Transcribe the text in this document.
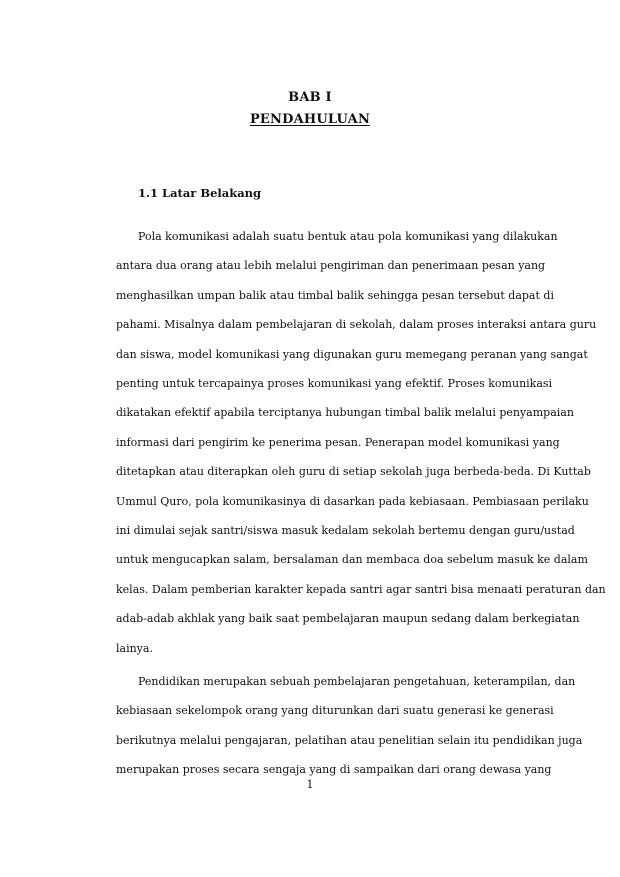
BAB I
PENDAHULUAN
1.1 Latar Belakang
Pola komunikasi adalah suatu bentuk atau pola komunikasi yang dilakukan
antara dua orang atau lebih melalui pengiriman dan penerimaan pesan yang
menghasilkan umpan balik atau timbal balik sehingga pesan tersebut dapat di
pahami. Misalnya dalam pembelajaran di sekolah, dalam proses interaksi antara guru
dan siswa, model komunikasi yang digunakan guru memegang peranan yang sangat
penting untuk tercapainya proses komunikasi yang efektif. Proses komunikasi
dikatakan efektif apabila terciptanya hubungan timbal balik melalui penyampaian
informasi dari pengirim ke penerima pesan. Penerapan model komunikasi yang
ditetapkan atau diterapkan oleh guru di setiap sekolah juga berbeda-beda. Di Kuttab
Ummul Quro, pola komunikasinya di dasarkan pada kebiasaan. Pembiasaan perilaku
ini dimulai sejak santri/siswa masuk kedalam sekolah bertemu dengan guru/ustad
untuk mengucapkan salam, bersalaman dan membaca doa sebelum masuk ke dalam
kelas. Dalam pemberian karakter kepada santri agar santri bisa menaati peraturan dan
adab-adab akhlak yang baik saat pembelajaran maupun sedang dalam berkegiatan
lainya.
Pendidikan merupakan sebuah pembelajaran pengetahuan, keterampilan, dan
kebiasaan sekelompok orang yang diturunkan dari suatu generasi ke generasi
berikutnya melalui pengajaran, pelatihan atau penelitian selain itu pendidikan juga
merupakan proses secara sengaja yang di sampaikan dari orang dewasa yang
1
